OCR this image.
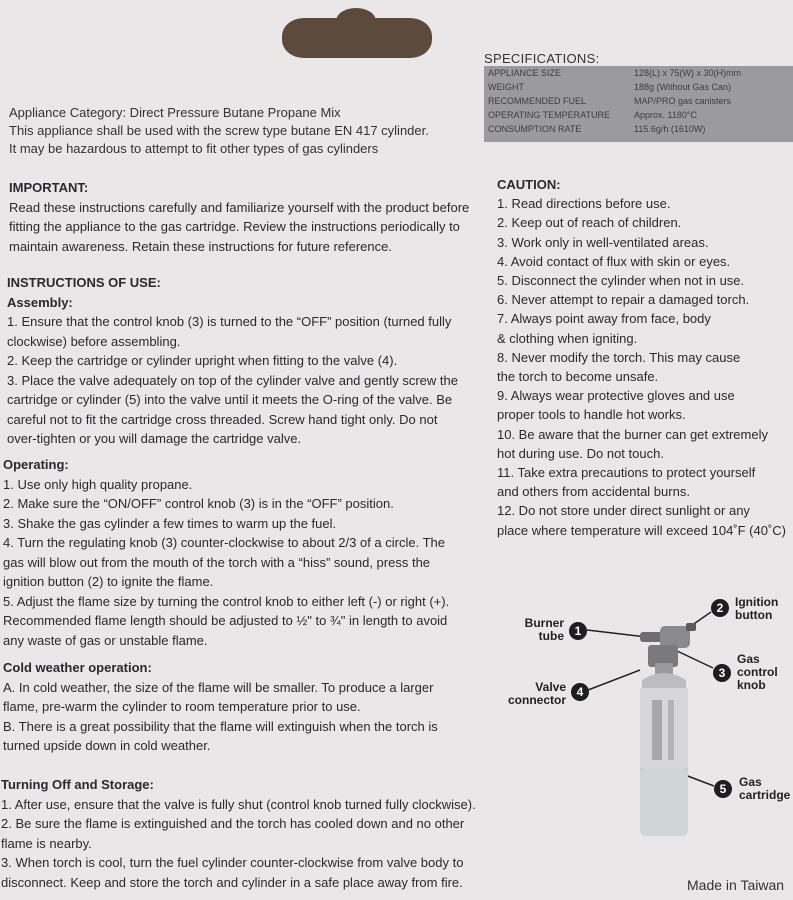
SPECIFICATIONS:
APPLIANCE SIZE	128(L) x 75(W) x 30(H)mm
WEIGHT	188g (Without Gas Can)
RECOMMENDED FUEL	MAP/PRO gas canisters
OPERATING TEMPERATURE	Approx. 1180°C
CONSUMPTION RATE	115.6g/h (1610W)
Appliance Category: Direct Pressure Butane Propane Mix
This appliance shall be used with the screw type butane EN 417 cylinder.
It may be hazardous to attempt to fit other types of gas cylinders
IMPORTANT:
Read these instructions carefully and familiarize yourself with the product before
fitting the appliance to the gas cartridge. Review the instructions periodically to
maintain awareness. Retain these instructions for future reference.
INSTRUCTIONS OF USE:
Assembly:
1. Ensure that the control knob (3) is turned to the “OFF” position (turned fully
clockwise) before assembling.
2. Keep the cartridge or cylinder upright when fitting to the valve (4).
3. Place the valve adequately on top of the cylinder valve and gently screw the
cartridge or cylinder (5) into the valve until it meets the O-ring of the valve. Be
careful not to fit the cartridge cross threaded. Screw hand tight only. Do not
over-tighten or you will damage the cartridge valve.
Operating:
1. Use only high quality propane.
2. Make sure the “ON/OFF” control knob (3) is in the “OFF” position.
3. Shake the gas cylinder a few times to warm up the fuel.
4. Turn the regulating knob (3) counter-clockwise to about 2/3 of a circle. The
gas will blow out from the mouth of the torch with a “hiss” sound, press the
ignition button (2) to ignite the flame.
5. Adjust the flame size by turning the control knob to either left (-) or right (+).
Recommended flame length should be adjusted to ½" to ¾" in length to avoid
any waste of gas or unstable flame.
Cold weather operation:
A. In cold weather, the size of the flame will be smaller. To produce a larger
flame, pre-warm the cylinder to room temperature prior to use.
B. There is a great possibility that the flame will extinguish when the torch is
turned upside down in cold weather.
Turning Off and Storage:
1. After use, ensure that the valve is fully shut (control knob turned fully clockwise).
2. Be sure the flame is extinguished and the torch has cooled down and no other
flame is nearby.
3. When torch is cool, turn the fuel cylinder counter-clockwise from valve body to
disconnect. Keep and store the torch and cylinder in a safe place away from fire.
CAUTION:
1. Read directions before use.
2. Keep out of reach of children.
3. Work only in well-ventilated areas.
4. Avoid contact of flux with skin or eyes.
5. Disconnect the cylinder when not in use.
6. Never attempt to repair a damaged torch.
7. Always point away from face, body
& clothing when igniting.
8. Never modify the torch. This may cause
the torch to become unsafe.
9. Always wear protective gloves and use
proper tools to handle hot works.
10. Be aware that the burner can get extremely
hot during use. Do not touch.
11. Take extra precautions to protect yourself
and others from accidental burns.
12. Do not store under direct sunlight or any
place where temperature will exceed 104˚F (40˚C)
Burner
tube 1
2 Ignition
button
3
Gas
control
knob
Valve
connector
4
5	Gas
cartridge
Made in Taiwan
